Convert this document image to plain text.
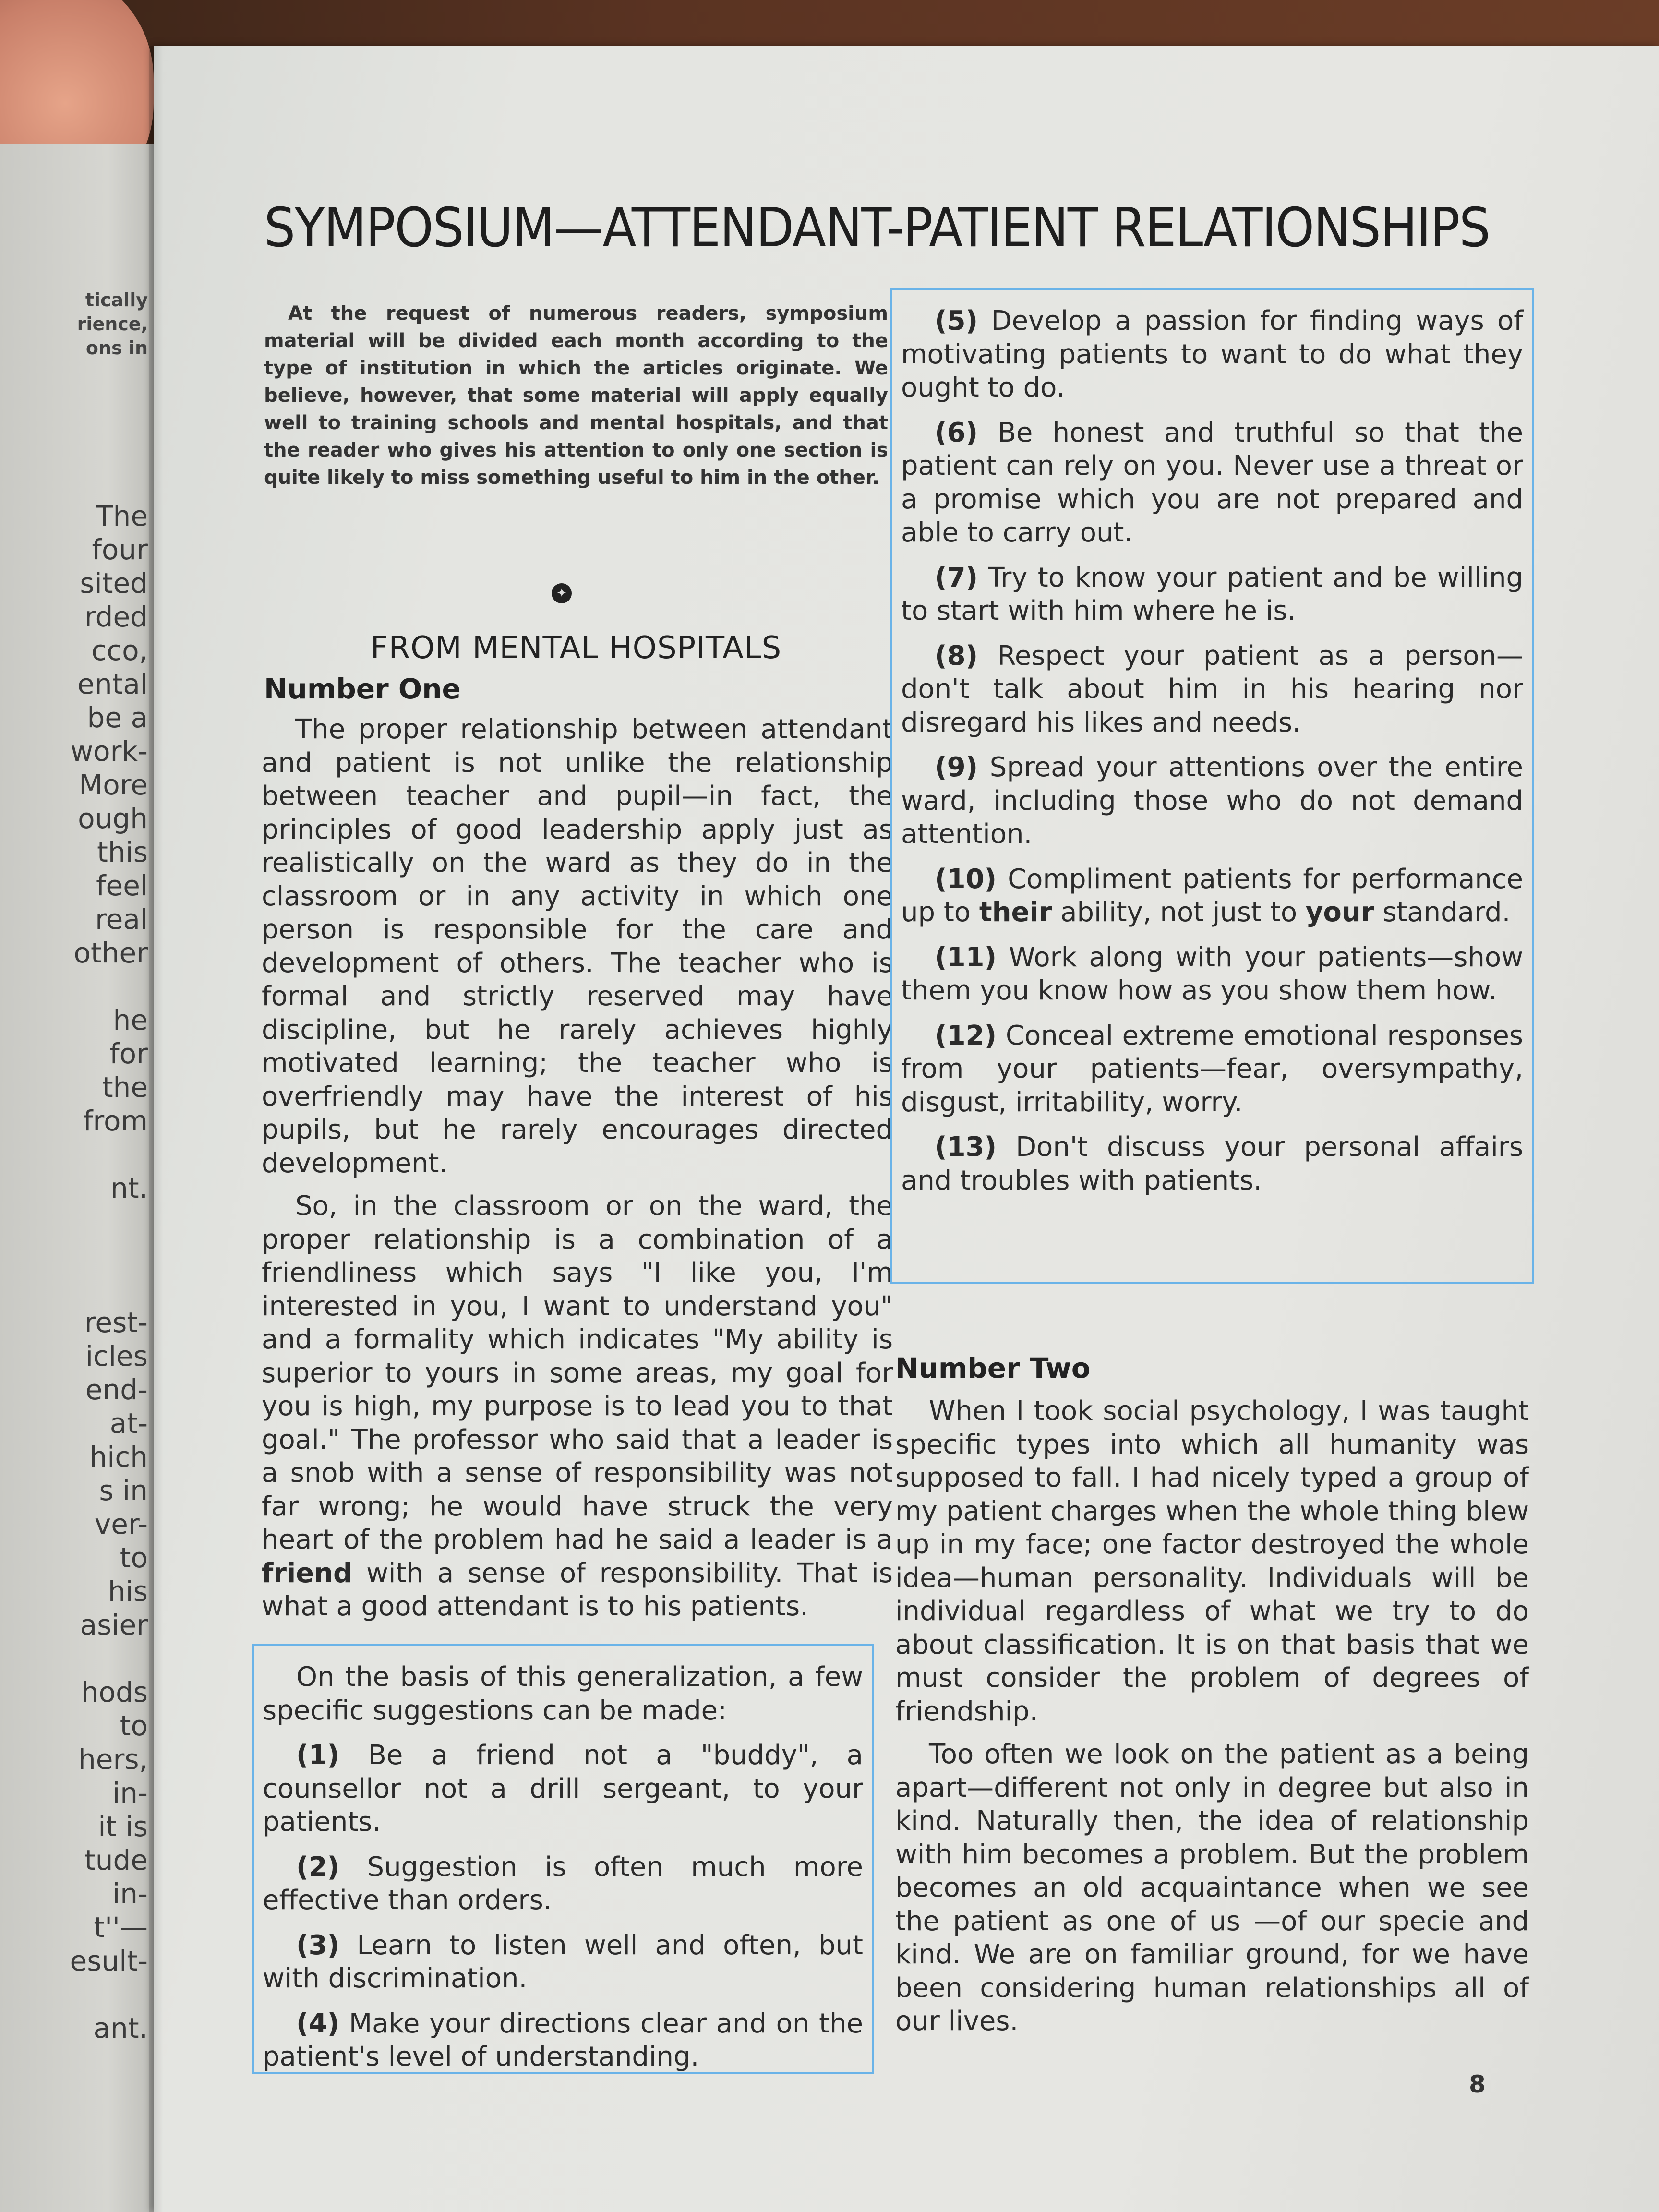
tically
rience,
ons in
The
four
sited
rded
cco,
ental
be a
work-
More
ough
this
feel
real
other
he
for
the
from
nt.
rest-
icles
end-
at-
hich
s in
ver-
to
his
asier
hods
to
hers,
in-
it is
tude
in-
t''—
esult-
ant.
SYMPOSIUM—ATTENDANT-PATIENT RELATIONSHIPS
At the request of numerous readers, symposium material will be divided each month according to the type of institution in which the articles originate. We believe, however, that some material will apply equally well to training schools and mental hospitals, and that the reader who gives his attention to only one section is quite likely to miss something useful to him in the other.
✦
FROM MENTAL HOSPITALS
Number One

The proper relationship between attendant and patient is not unlike the relationship between teacher and pupil—in fact, the principles of good leadership apply just as realistically on the ward as they do in the classroom or in any activity in which one person is responsible for the care and development of others. The teacher who is formal and strictly reserved may have discipline, but he rarely achieves highly motivated learning; the teacher who is overfriendly may have the interest of his pupils, but he rarely encourages directed development.

So, in the classroom or on the ward, the proper relationship is a combination of a friendliness which says "I like you, I'm interested in you, I want to understand you" and a formality which indicates "My ability is superior to yours in some areas, my goal for you is high, my purpose is to lead you to that goal." The professor who said that a leader is a snob with a sense of responsibility was not far wrong; he would have struck the very heart of the problem had he said a leader is a friend with a sense of responsibility. That is what a good attendant is to his patients.

On the basis of this generalization, a few specific suggestions can be made:

(1) Be a friend not a "buddy", a counsellor not a drill sergeant, to your patients.

(2) Suggestion is often much more effective than orders.

(3) Learn to listen well and often, but with discrimination.

(4) Make your directions clear and on the patient's level of understanding.

(5) Develop a passion for finding ways of motivating patients to want to do what they ought to do.

(6) Be honest and truthful so that the patient can rely on you. Never use a threat or a promise which you are not prepared and able to carry out.

(7) Try to know your patient and be willing to start with him where he is.

(8) Respect your patient as a person—don't talk about him in his hearing nor disregard his likes and needs.

(9) Spread your attentions over the entire ward, including those who do not demand attention.

(10) Compliment patients for performance up to their ability, not just to your standard.

(11) Work along with your patients—show them you know how as you show them how.

(12) Conceal extreme emotional responses from your patients—fear, oversympathy, disgust, irritability, worry.

(13) Don't discuss your personal affairs and troubles with patients.

Number Two

When I took social psychology, I was taught specific types into which all humanity was supposed to fall. I had nicely typed a group of my patient charges when the whole thing blew up in my face; one factor destroyed the whole idea—human personality. Individuals will be individual regardless of what we try to do about classification. It is on that basis that we must consider the problem of degrees of friendship.

Too often we look on the patient as a being apart—different not only in degree but also in kind. Naturally then, the idea of relationship with him becomes a problem. But the problem becomes an old acquaintance when we see the patient as one of us —of our specie and kind. We are on familiar ground, for we have been considering human relationships all of our lives.

8
